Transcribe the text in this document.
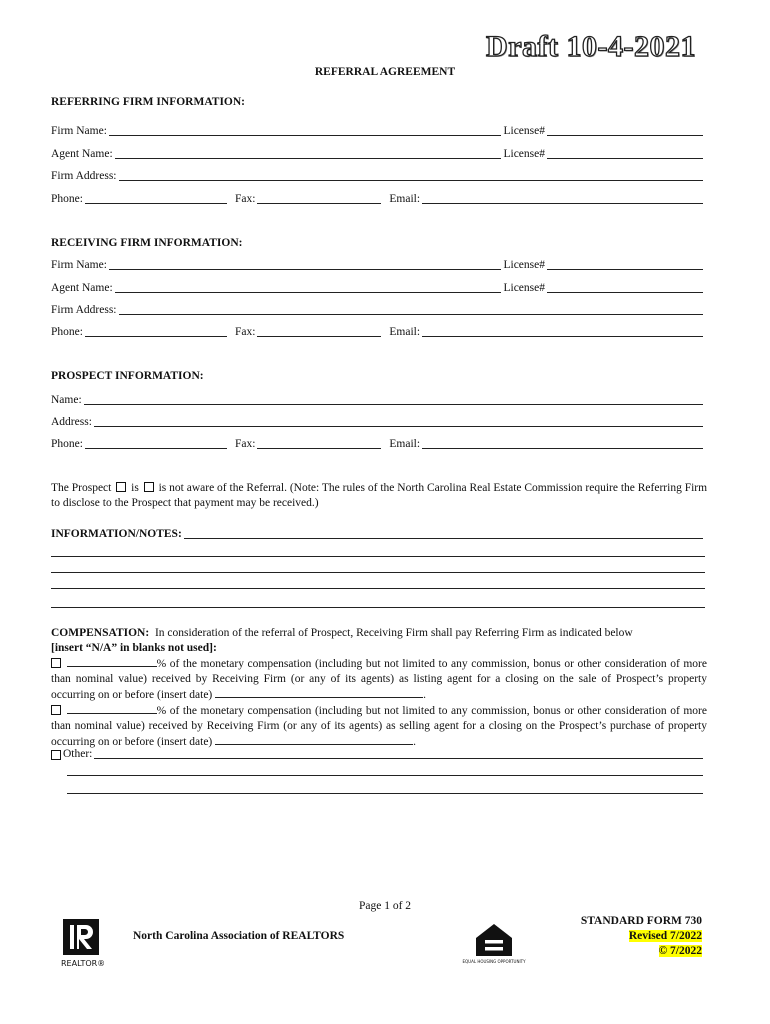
Draft 10-4-2021
REFERRAL AGREEMENT
REFERRING FIRM INFORMATION:
Firm Name:	License#
Agent Name:	License#
Firm Address:
Phone:	Fax:	Email:
RECEIVING FIRM INFORMATION:
Firm Name:	License#
Agent Name:	License#
Firm Address:
Phone:	Fax:	Email:
PROSPECT INFORMATION:
Name:
Address:
Phone:	Fax:	Email:
The Prospect is is not aware of the Referral. (Note: The rules of the North Carolina Real Estate Commission require the Referring Firm to disclose to the Prospect that payment may be received.)
INFORMATION/NOTES:

COMPENSATION: In consideration of the referral of Prospect, Receiving Firm shall pay Referring Firm as indicated below

[insert “N/A” in blanks not used]:

% of the monetary compensation (including but not limited to any commission, bonus or other consideration of more than nominal value) received by Receiving Firm (or any of its agents) as listing agent for a closing on the sale of Prospect’s property occurring on or before (insert date)	.

% of the monetary compensation (including but not limited to any commission, bonus or other consideration of more than nominal value) received by Receiving Firm (or any of its agents) as selling agent for a closing on the Prospect’s purchase of property occurring on or before (insert date)	.

Other:
Page 1 of 2
REALTOR®
North Carolina Association of REALTORS
EQUAL HOUSING OPPORTUNITY
STANDARD FORM 730
Revised 7/2022
© 7/2022
